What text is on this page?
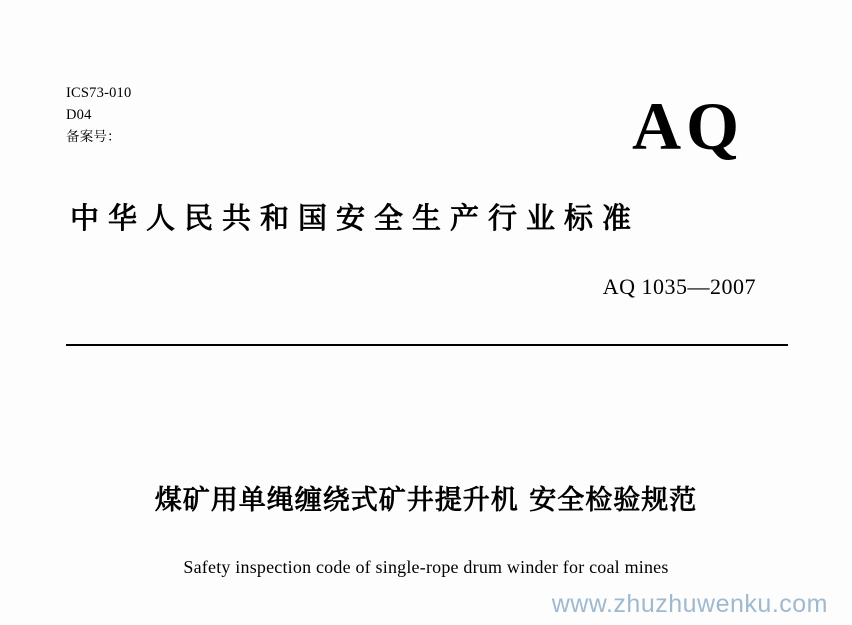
ICS73-010
D04
备案号：	AQ
中华人民共和国安全生产行业标准
AQ 1035—2007
煤矿用单绳缠绕式矿井提升机 安全检验规范
Safety inspection code of single-rope drum winder for coal mines
www.zhuzhuwenku.com
